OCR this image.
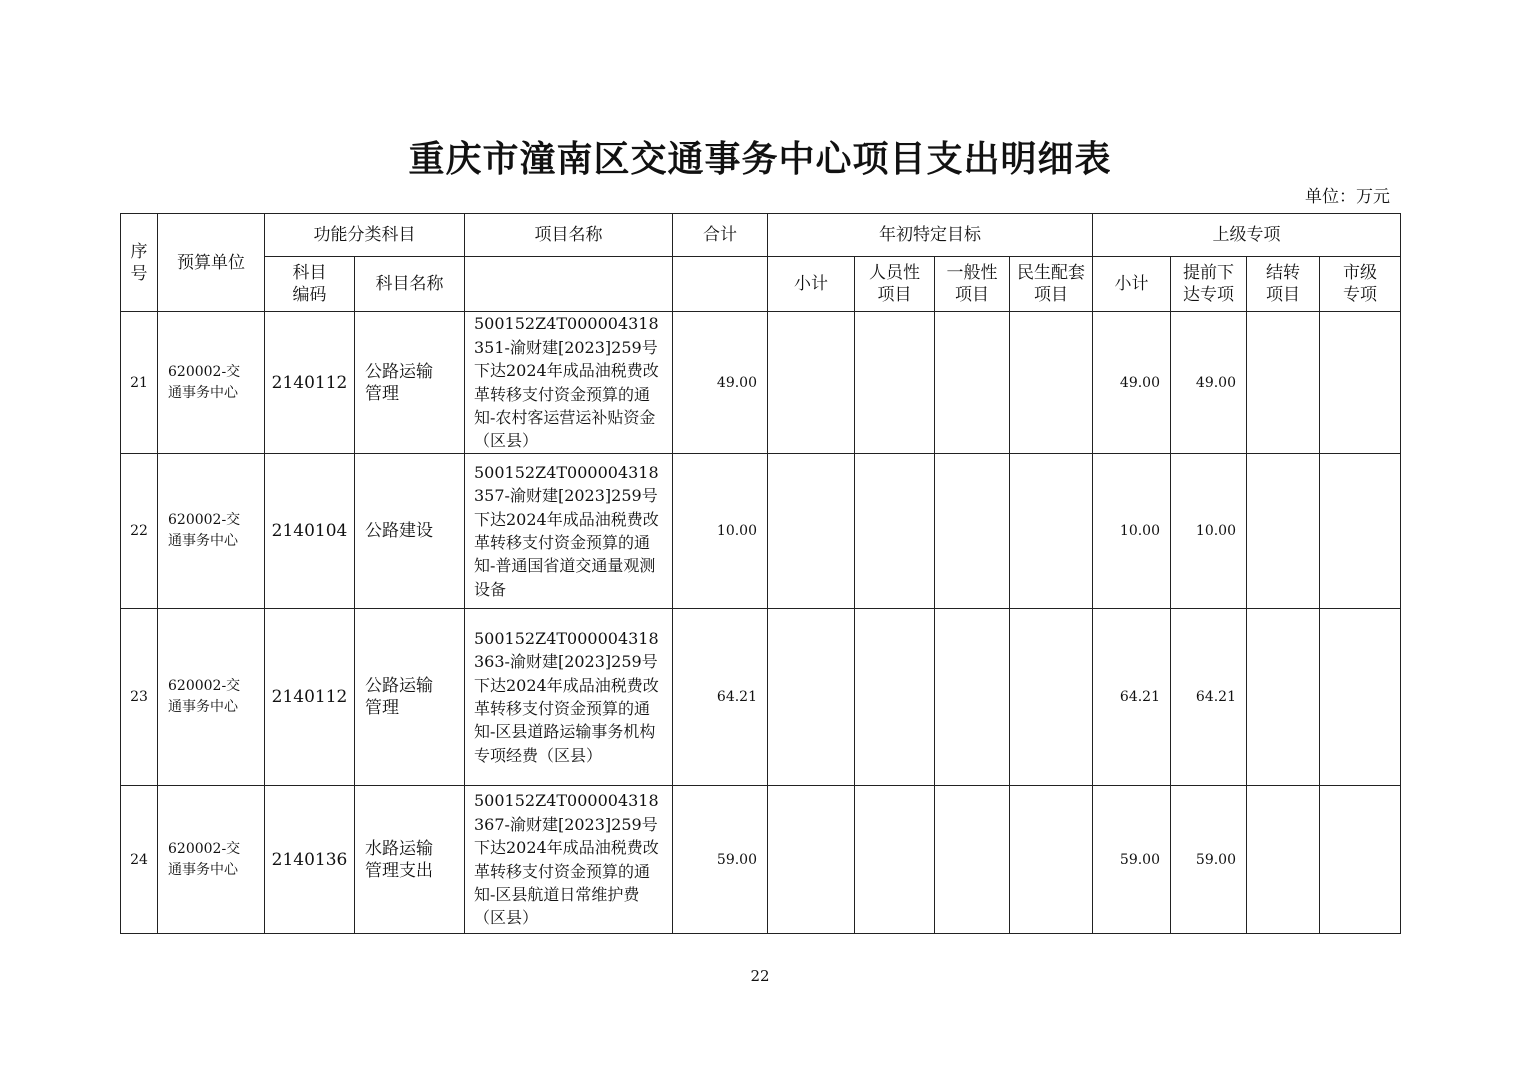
重庆市潼南区交通事务中心项目支出明细表
单位：万元
序号	预算单位	功能分类科目		项目名称	合计	年初特定目标				上级专项			

		科目编码	科目名称			小计	人员性项目	一般性项目	民生配套项目	小计	提前下达专项	结转项目	市级专项

21	620002-交通事务中心	2140112	公路运输管理	500152Z4T000004318351-渝财建[2023]259号下达2024年成品油税费改革转移支付资金预算的通知-农村客运营运补贴资金（区县）	49.00					49.00	49.00		
22	620002-交通事务中心	2140104	公路建设	500152Z4T000004318357-渝财建[2023]259号下达2024年成品油税费改革转移支付资金预算的通知-普通国省道交通量观测设备	10.00					10.00	10.00		
23	620002-交通事务中心	2140112	公路运输管理	500152Z4T000004318363-渝财建[2023]259号下达2024年成品油税费改革转移支付资金预算的通知-区县道路运输事务机构专项经费（区县）	64.21					64.21	64.21		
24	620002-交通事务中心	2140136	水路运输管理支出	500152Z4T000004318367-渝财建[2023]259号下达2024年成品油税费改革转移支付资金预算的通知-区县航道日常维护费（区县）	59.00					59.00	59.00		
22
